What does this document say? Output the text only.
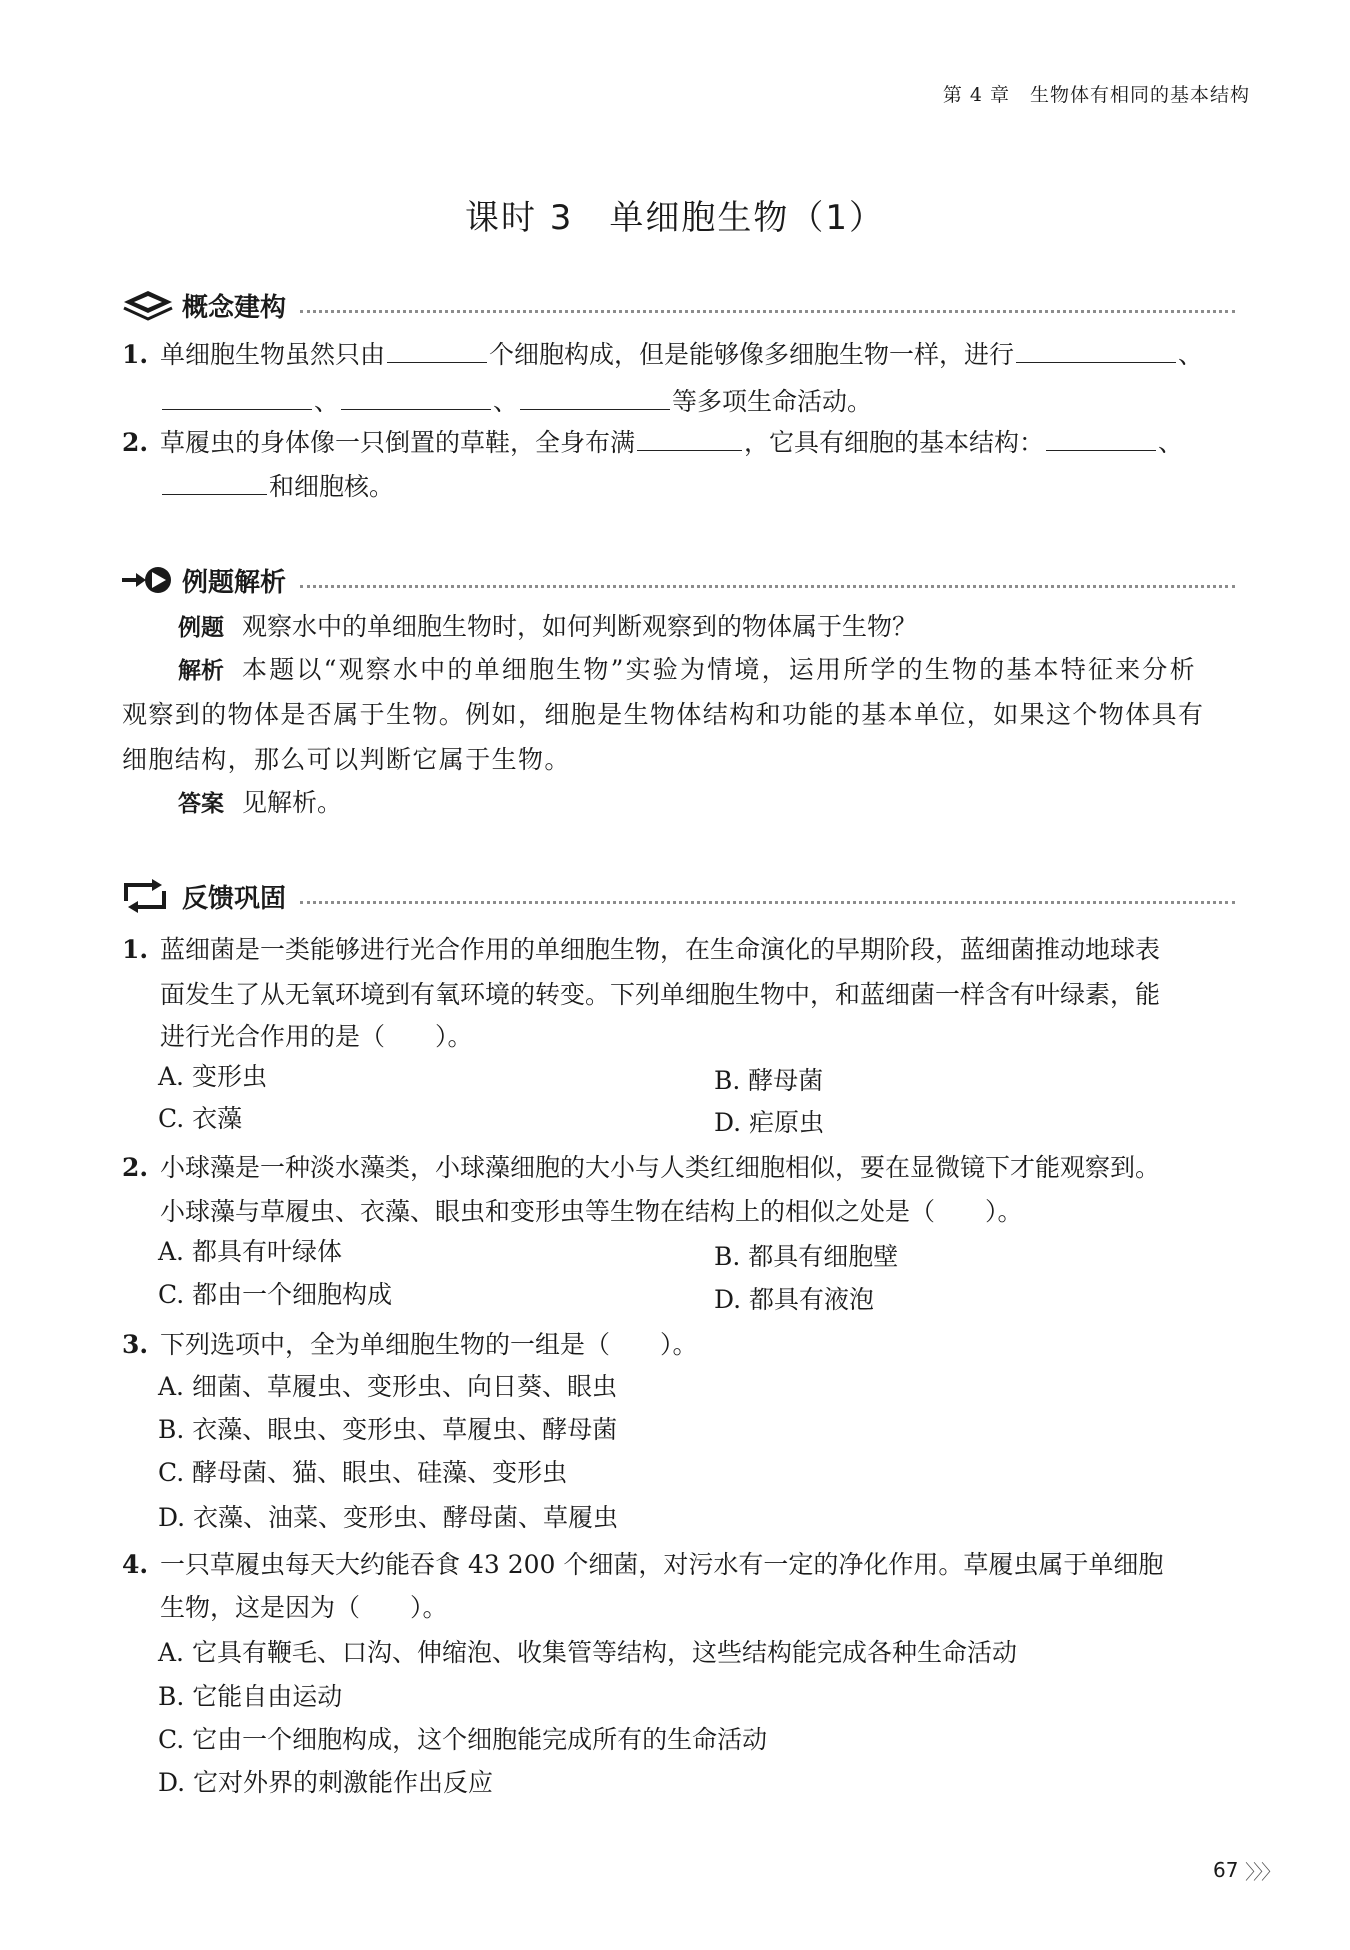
第 4 章　生物体有相同的基本结构
课时 3　单细胞生物（1）
概念建构
1. 单细胞生物虽然只由	个细胞构成，但是能够像多细胞生物一样，进行	、
、	、	等多项生命活动。
2. 草履虫的身体像一只倒置的草鞋，全身布满	，它具有细胞的基本结构：	、
和细胞核。
例题解析
例题 观察水中的单细胞生物时，如何判断观察到的物体属于生物？
解析 本题以“观察水中的单细胞生物”实验为情境，运用所学的生物的基本特征来分析
观察到的物体是否属于生物。例如，细胞是生物体结构和功能的基本单位，如果这个物体具有
细胞结构，那么可以判断它属于生物。
答案 见解析。
反馈巩固
1. 蓝细菌是一类能够进行光合作用的单细胞生物，在生命演化的早期阶段，蓝细菌推动地球表
面发生了从无氧环境到有氧环境的转变。下列单细胞生物中，和蓝细菌一样含有叶绿素，能
进行光合作用的是（　　）。
A. 变形虫	B. 酵母菌
C. 衣藻	D. 疟原虫
2. 小球藻是一种淡水藻类，小球藻细胞的大小与人类红细胞相似，要在显微镜下才能观察到。
小球藻与草履虫、衣藻、眼虫和变形虫等生物在结构上的相似之处是（　　）。
A. 都具有叶绿体	B. 都具有细胞壁
C. 都由一个细胞构成	D. 都具有液泡
3. 下列选项中，全为单细胞生物的一组是（　　）。
A. 细菌、草履虫、变形虫、向日葵、眼虫
B. 衣藻、眼虫、变形虫、草履虫、酵母菌
C. 酵母菌、猫、眼虫、硅藻、变形虫
D. 衣藻、油菜、变形虫、酵母菌、草履虫
4. 一只草履虫每天大约能吞食 43 200 个细菌，对污水有一定的净化作用。草履虫属于单细胞
生物，这是因为（　　）。
A. 它具有鞭毛、口沟、伸缩泡、收集管等结构，这些结构能完成各种生命活动
B. 它能自由运动
C. 它由一个细胞构成，这个细胞能完成所有的生命活动
D. 它对外界的刺激能作出反应
67 〉〉〉
